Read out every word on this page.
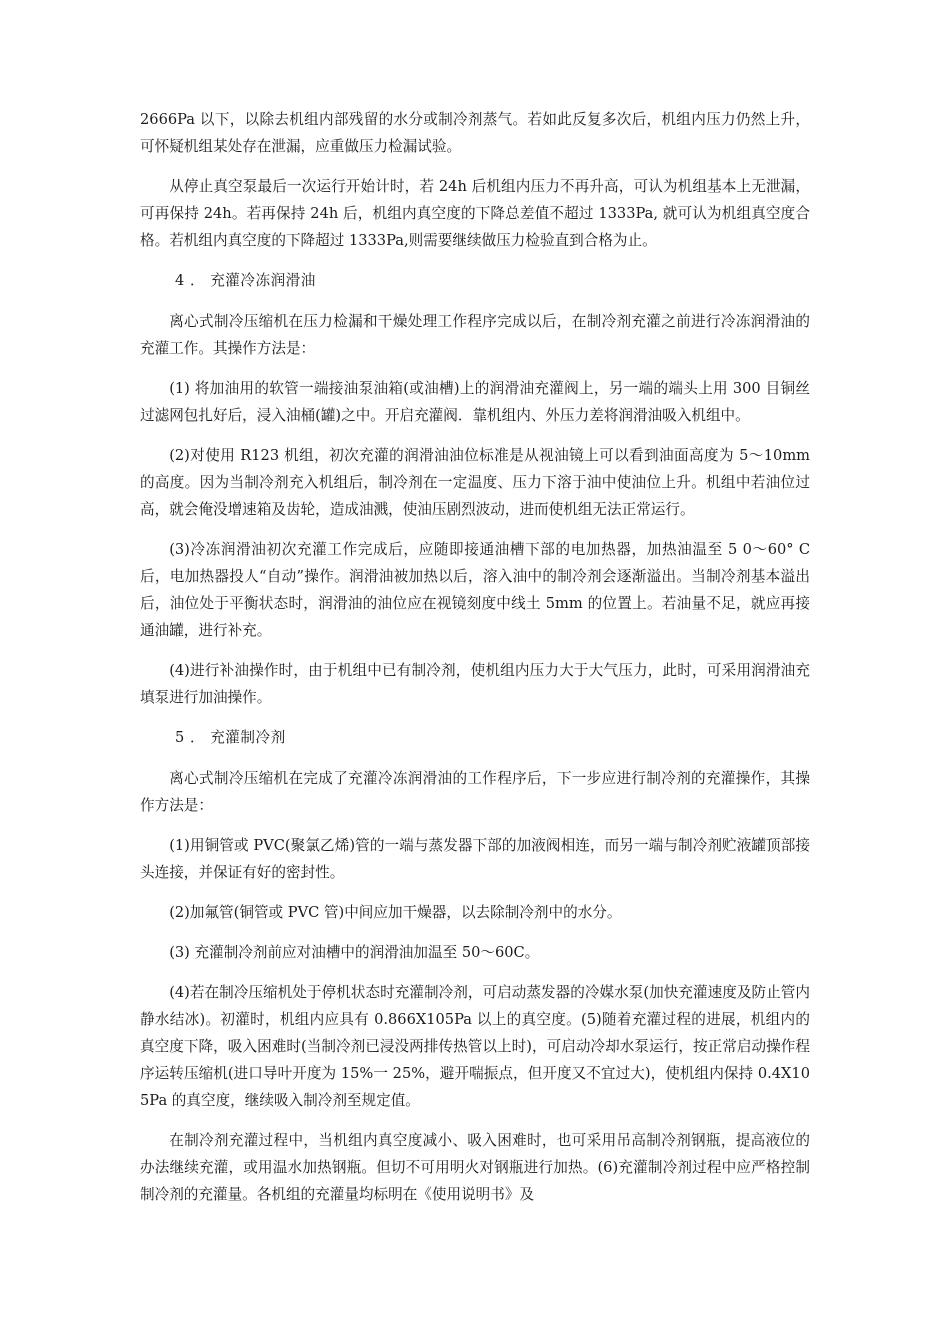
2666Pa 以下，以除去机组内部残留的水分或制冷剂蒸气。若如此反复多次后，机组内压力仍然上升，可怀疑机组某处存在泄漏，应重做压力检漏试验。

从停止真空泵最后一次运行开始计时，若 24h 后机组内压力不再升高，可认为机组基本上无泄漏，可再保持 24h。若再保持 24h 后，机组内真空度的下降总差值不超过 1333Pa, 就可认为机组真空度合格。若机组内真空度的下降超过 1333Pa,则需要继续做压力检验直到合格为止。

4 ． 充灌冷冻润滑油

离心式制冷压缩机在压力检漏和干燥处理工作程序完成以后，在制冷剂充灌之前进行冷冻润滑油的充灌工作。其操作方法是：

(1) 将加油用的软管一端接油泵油箱(或油槽)上的润滑油充灌阀上，另一端的端头上用 300 目铜丝过滤网包扎好后，浸入油桶(罐)之中。开启充灌阀．靠机组内、外压力差将润滑油吸入机组中。

(2)对使用 R123 机组，初次充灌的润滑油油位标准是从视油镜上可以看到油面高度为 5～10mm 的高度。因为当制冷剂充入机组后，制冷剂在一定温度、压力下溶于油中使油位上升。机组中若油位过高，就会俺没增速箱及齿轮，造成油溅，使油压剧烈波动，进而使机组无法正常运行。

(3)冷冻润滑油初次充灌工作完成后，应随即接通油槽下部的电加热器，加热油温至 5 0～60° C 后，电加热器投人“自动”操作。润滑油被加热以后，溶入油中的制冷剂会逐渐溢出。当制冷剂基本溢出后，油位处于平衡状态时，润滑油的油位应在视镜刻度中线土 5mm 的位置上。若油量不足，就应再接通油罐，进行补充。

(4)进行补油操作时，由于机组中已有制冷剂，使机组内压力大于大气压力，此时，可采用润滑油充填泵进行加油操作。

5 ． 充灌制冷剂

离心式制冷压缩机在完成了充灌冷冻润滑油的工作程序后，下一步应进行制冷剂的充灌操作，其操作方法是：

(1)用铜管或 PVC(聚氯乙烯)管的一端与蒸发器下部的加液阀相连，而另一端与制冷剂贮液罐顶部接头连接，并保证有好的密封性。

(2)加氟管(铜管或 PVC 管)中间应加干燥器，以去除制冷剂中的水分。

(3) 充灌制冷剂前应对油槽中的润滑油加温至 50～60C。

(4)若在制冷压缩机处于停机状态时充灌制冷剂，可启动蒸发器的冷媒水泵(加快充灌速度及防止管内静水结冰)。初灌时，机组内应具有 0.866X105Pa 以上的真空度。(5)随着充灌过程的进展，机组内的真空度下降，吸入困难时(当制冷剂已浸没两排传热管以上时)，可启动冷却水泵运行，按正常启动操作程序运转压缩机(进口导叶开度为 15%一 25%，避开喘振点，但开度又不宜过大)，使机组内保持 0.4X105Pa 的真空度，继续吸入制冷剂至规定值。

在制冷剂充灌过程中，当机组内真空度减小、吸入困难时，也可采用吊高制冷剂钢瓶，提高液位的办法继续充灌，或用温水加热钢瓶。但切不可用明火对钢瓶进行加热。(6)充灌制冷剂过程中应严格控制制冷剂的充灌量。各机组的充灌量均标明在《使用说明书》及
